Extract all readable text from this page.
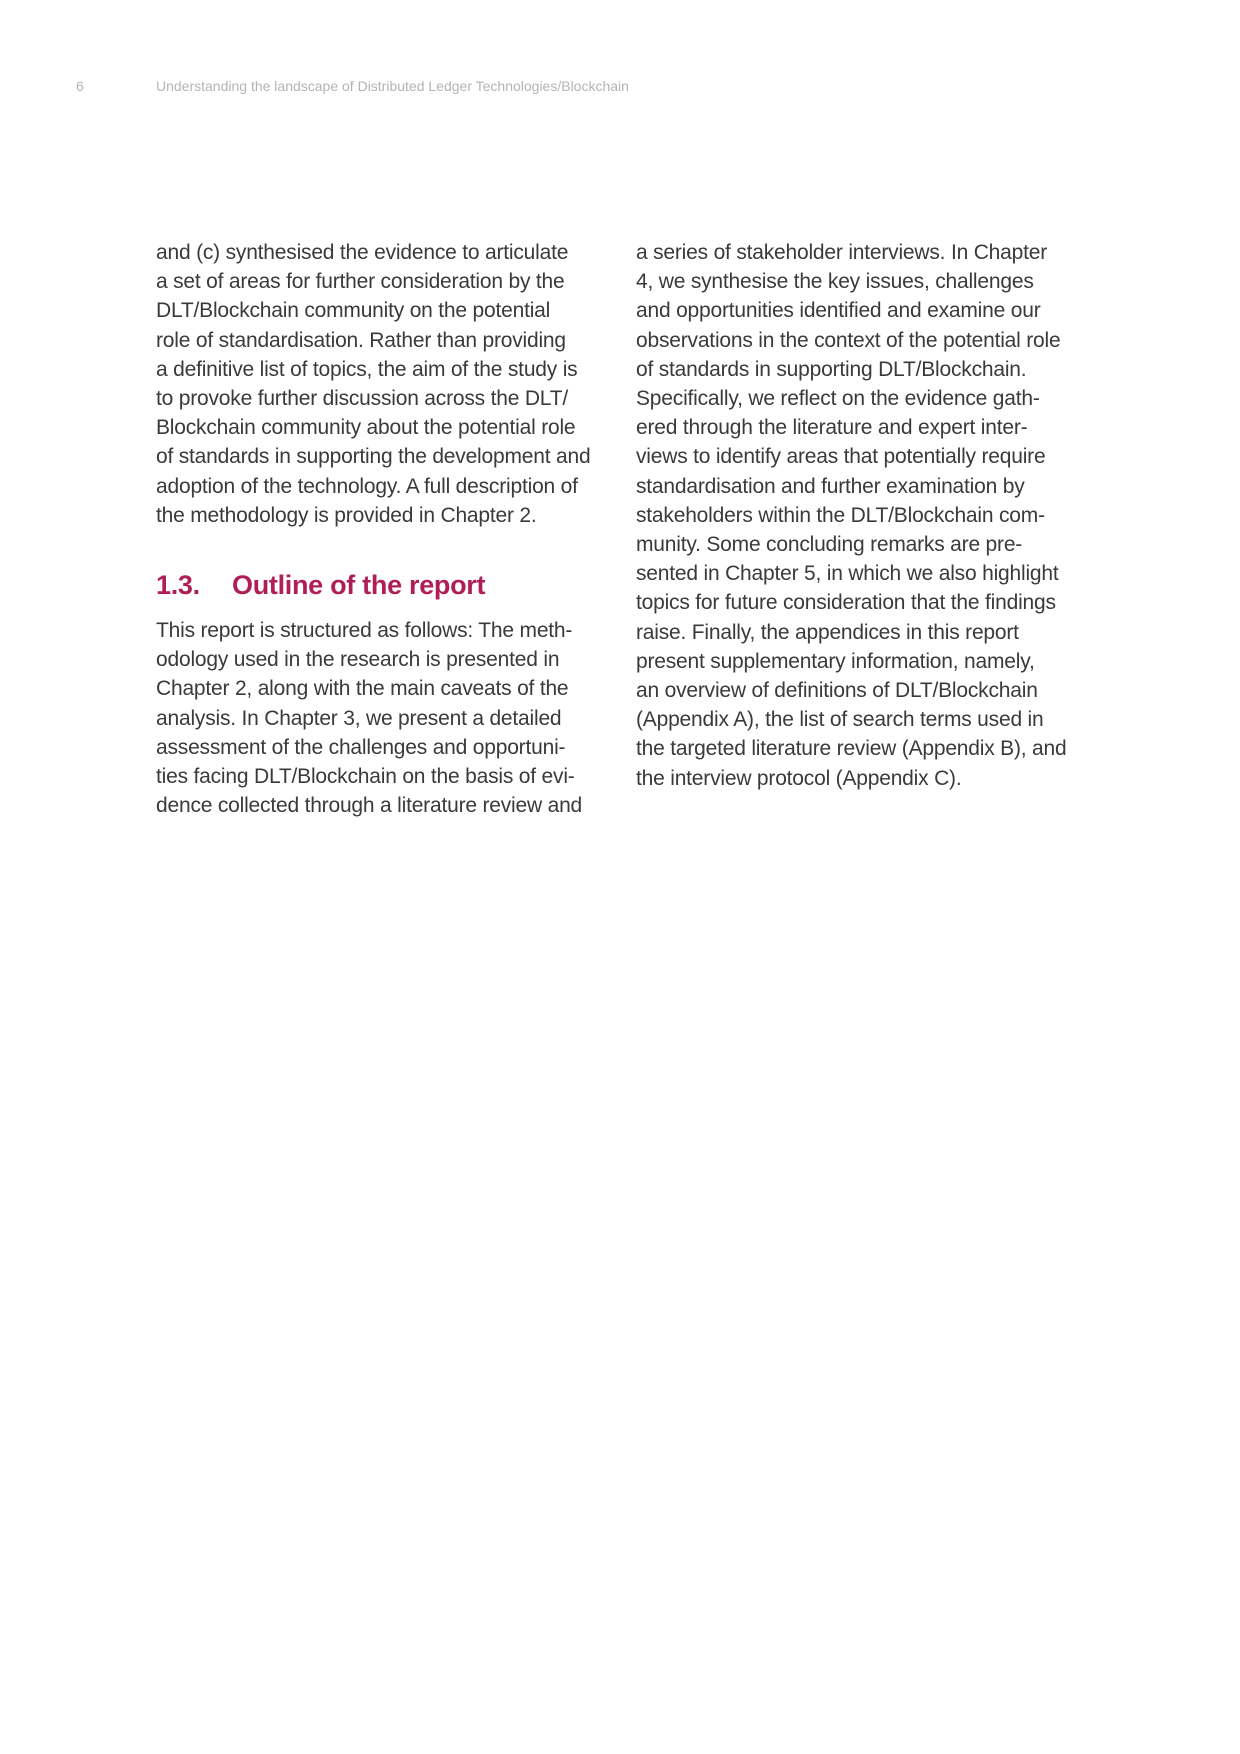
6	Understanding the landscape of Distributed Ledger Technologies/Blockchain

and (c) synthesised the evidence to articulate
a set of areas for further consideration by the
DLT/Blockchain community on the potential
role of standardisation. Rather than providing
a definitive list of topics, the aim of the study is
to provoke further discussion across the DLT/
Blockchain community about the potential role
of standards in supporting the development and
adoption of the technology. A full description of
the methodology is provided in Chapter 2.

1.3. Outline of the report

This report is structured as follows: The meth-
odology used in the research is presented in
Chapter 2, along with the main caveats of the
analysis. In Chapter 3, we present a detailed
assessment of the challenges and opportuni-
ties facing DLT/Blockchain on the basis of evi-
dence collected through a literature review and

a series of stakeholder interviews. In Chapter
4, we synthesise the key issues, challenges
and opportunities identified and examine our
observations in the context of the potential role
of standards in supporting DLT/Blockchain.
Specifically, we reflect on the evidence gath-
ered through the literature and expert inter-
views to identify areas that potentially require
standardisation and further examination by
stakeholders within the DLT/Blockchain com-
munity. Some concluding remarks are pre-
sented in Chapter 5, in which we also highlight
topics for future consideration that the findings
raise. Finally, the appendices in this report
present supplementary information, namely,
an overview of definitions of DLT/Blockchain
(Appendix A), the list of search terms used in
the targeted literature review (Appendix B), and
the interview protocol (Appendix C).
